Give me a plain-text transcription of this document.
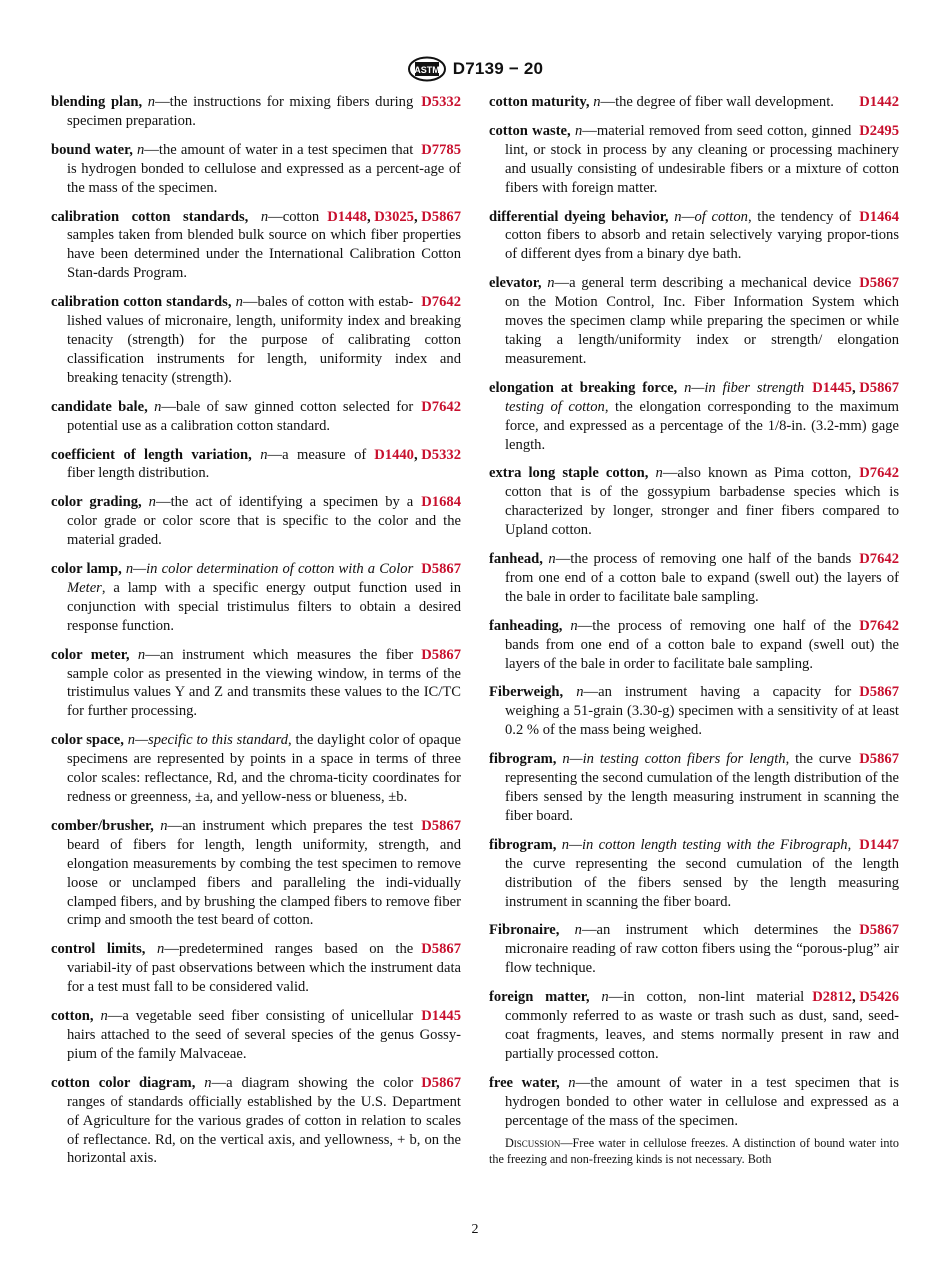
ASTM D7139 − 20

D5332
blending plan, n—the instructions for mixing fibers during specimen preparation.

D7785
bound water, n—the amount of water in a test specimen that is hydrogen bonded to cellulose and expressed as a percent-age of the mass of the specimen.

D1448, D3025, D5867
calibration cotton standards, n—cotton samples taken from blended bulk source on which fiber properties have been determined under the International Calibration Cotton Stan-dards Program.

D7642
calibration cotton standards, n—bales of cotton with estab-lished values of micronaire, length, uniformity index and breaking tenacity (strength) for the purpose of calibrating cotton classification instruments for length, uniformity index and breaking tenacity (strength).

D7642
candidate bale, n—bale of saw ginned cotton selected for potential use as a calibration cotton standard.

D1440, D5332
coefficient of length variation, n—a measure of fiber length distribution.

D1684
color grading, n—the act of identifying a specimen by a color grade or color score that is specific to the color and the material graded.

D5867
color lamp, n—in color determination of cotton with a Color Meter, a lamp with a specific energy output function used in conjunction with special tristimulus filters to obtain a desired response function.

D5867
color meter, n—an instrument which measures the fiber sample color as presented in the viewing window, in terms of the tristimulus values Y and Z and transmits these values to the IC/TC for further processing.

color space, n—specific to this standard, the daylight color of opaque specimens are represented by points in a space in terms of three color scales: reflectance, Rd, and the chroma-ticity coordinates for redness or greenness, ±a, and yellow-ness or blueness, ±b.

D5867
comber/brusher, n—an instrument which prepares the test beard of fibers for length, length uniformity, strength, and elongation measurements by combing the test specimen to remove loose or unclamped fibers and paralleling the indi-vidually clamped fibers, and by brushing the clamped fibers to remove fiber crimp and smooth the test beard of cotton.

D5867
control limits, n—predetermined ranges based on the variabil-ity of past observations between which the instrument data for a test must fall to be considered valid.

D1445
cotton, n—a vegetable seed fiber consisting of unicellular hairs attached to the seed of several species of the genus Gossy-pium of the family Malvaceae.

D5867
cotton color diagram, n—a diagram showing the color ranges of standards officially established by the U.S. Department of Agriculture for the various grades of cotton in relation to scales of reflectance. Rd, on the vertical axis, and yellowness, + b, on the horizontal axis.

D1442
cotton maturity, n—the degree of fiber wall development.

D2495
cotton waste, n—material removed from seed cotton, ginned lint, or stock in process by any cleaning or processing machinery and usually consisting of undesirable fibers or a mixture of cotton fibers with foreign matter.

D1464
differential dyeing behavior, n—of cotton, the tendency of cotton fibers to absorb and retain selectively varying propor-tions of different dyes from a binary dye bath.

D5867
elevator, n—a general term describing a mechanical device on the Motion Control, Inc. Fiber Information System which moves the specimen clamp while preparing the specimen or while taking a length/uniformity index or strength/ elongation measurement.

D1445, D5867
elongation at breaking force, n—in fiber strength testing of cotton, the elongation corresponding to the maximum force, and expressed as a percentage of the 1/8-in. (3.2-mm) gage length.

D7642
extra long staple cotton, n—also known as Pima cotton, cotton that is of the gossypium barbadense species which is characterized by longer, stronger and finer fibers compared to Upland cotton.

D7642
fanhead, n—the process of removing one half of the bands from one end of a cotton bale to expand (swell out) the layers of the bale in order to facilitate bale sampling.

D7642
fanheading, n—the process of removing one half of the bands from one end of a cotton bale to expand (swell out) the layers of the bale in order to facilitate bale sampling.

D5867
Fiberweigh, n—an instrument having a capacity for weighing a 51-grain (3.30-g) specimen with a sensitivity of at least 0.2 % of the mass being weighed.

D5867
fibrogram, n—in testing cotton fibers for length, the curve representing the second cumulation of the length distribution of the fibers sensed by the length measuring instrument in scanning the fiber board.

D1447
fibrogram, n—in cotton length testing with the Fibrograph, the curve representing the second cumulation of the length distribution of the fibers sensed by the length measuring instrument in scanning the fiber board.

D5867
Fibronaire, n—an instrument which determines the micronaire reading of raw cotton fibers using the “porous-plug” air flow technique.

D2812, D5426
foreign matter, n—in cotton, non-lint material commonly referred to as waste or trash such as dust, sand, seed-coat fragments, leaves, and stems normally present in raw and partially processed cotton.

free water, n—the amount of water in a test specimen that is hydrogen bonded to other water in cellulose and expressed as a percentage of the mass of the specimen.

Discussion—Free water in cellulose freezes. A distinction of bound water into the freezing and non-freezing kinds is not necessary. Both

2
